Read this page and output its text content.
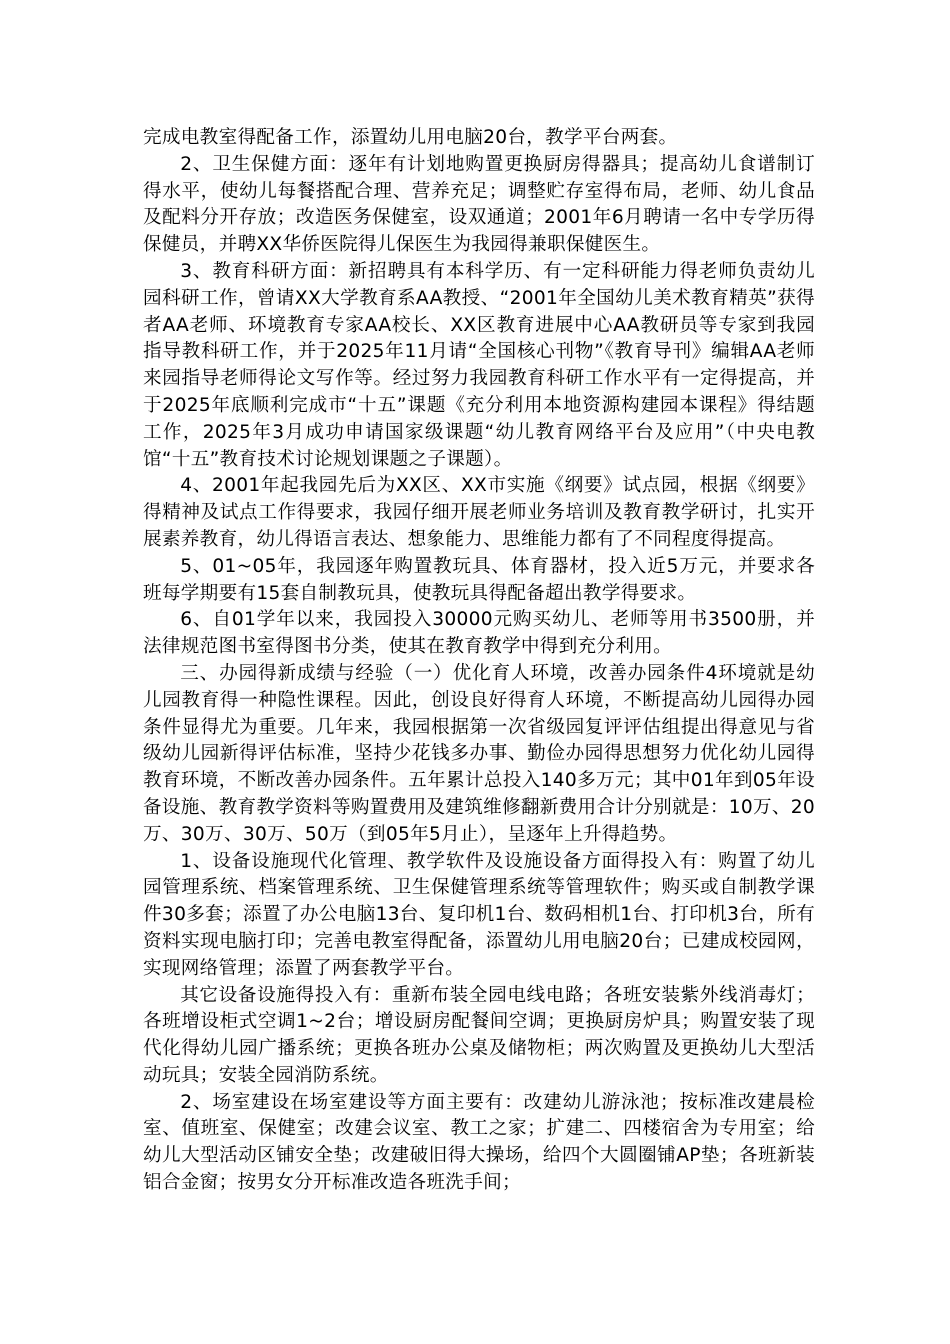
完成电教室得配备工作，添置幼儿用电脑20台，教学平台两套。

2、卫生保健方面：逐年有计划地购置更换厨房得器具；提高幼儿食谱制订得水平，使幼儿每餐搭配合理、营养充足；调整贮存室得布局，老师、幼儿食品及配料分开存放；改造医务保健室，设双通道；2001年6月聘请一名中专学历得保健员，并聘XX华侨医院得儿保医生为我园得兼职保健医生。

3、教育科研方面：新招聘具有本科学历、有一定科研能力得老师负责幼儿园科研工作，曾请XX大学教育系AA教授、“2001年全国幼儿美术教育精英”获得者AA老师、环境教育专家AA校长、XX区教育进展中心AA教研员等专家到我园指导教科研工作，并于2025年11月请“全国核心刊物”《教育导刊》编辑AA老师来园指导老师得论文写作等。经过努力我园教育科研工作水平有一定得提高，并于2025年底顺利完成市“十五”课题《充分利用本地资源构建园本课程》得结题工作，2025年3月成功申请国家级课题“幼儿教育网络平台及应用”（中央电教馆“十五”教育技术讨论规划课题之子课题）。

4、2001年起我园先后为XX区、XX市实施《纲要》试点园，根据《纲要》得精神及试点工作得要求，我园仔细开展老师业务培训及教育教学研讨，扎实开展素养教育，幼儿得语言表达、想象能力、思维能力都有了不同程度得提高。

5、01~05年，我园逐年购置教玩具、体育器材，投入近5万元，并要求各班每学期要有15套自制教玩具，使教玩具得配备超出教学得要求。

6、自01学年以来，我园投入30000元购买幼儿、老师等用书3500册，并法律规范图书室得图书分类，使其在教育教学中得到充分利用。

三、办园得新成绩与经验（一）优化育人环境，改善办园条件4环境就是幼儿园教育得一种隐性课程。因此，创设良好得育人环境，不断提高幼儿园得办园条件显得尤为重要。几年来，我园根据第一次省级园复评评估组提出得意见与省级幼儿园新得评估标准，坚持少花钱多办事、勤俭办园得思想努力优化幼儿园得教育环境，不断改善办园条件。五年累计总投入140多万元；其中01年到05年设备设施、教育教学资料等购置费用及建筑维修翻新费用合计分别就是：10万、20万、30万、30万、50万（到05年5月止），呈逐年上升得趋势。

1、设备设施现代化管理、教学软件及设施设备方面得投入有：购置了幼儿园管理系统、档案管理系统、卫生保健管理系统等管理软件；购买或自制教学课件30多套；添置了办公电脑13台、复印机1台、数码相机1台、打印机3台，所有资料实现电脑打印；完善电教室得配备，添置幼儿用电脑20台；已建成校园网，实现网络管理；添置了两套教学平台。

其它设备设施得投入有：重新布装全园电线电路；各班安装紫外线消毒灯；各班增设柜式空调1~2台；增设厨房配餐间空调；更换厨房炉具；购置安装了现代化得幼儿园广播系统；更换各班办公桌及储物柜；两次购置及更换幼儿大型活动玩具；安装全园消防系统。

2、场室建设在场室建设等方面主要有：改建幼儿游泳池；按标准改建晨检室、值班室、保健室；改建会议室、教工之家；扩建二、四楼宿舍为专用室；给幼儿大型活动区铺安全垫；改建破旧得大操场，给四个大圆圈铺AP垫；各班新装铝合金窗；按男女分开标准改造各班洗手间；
